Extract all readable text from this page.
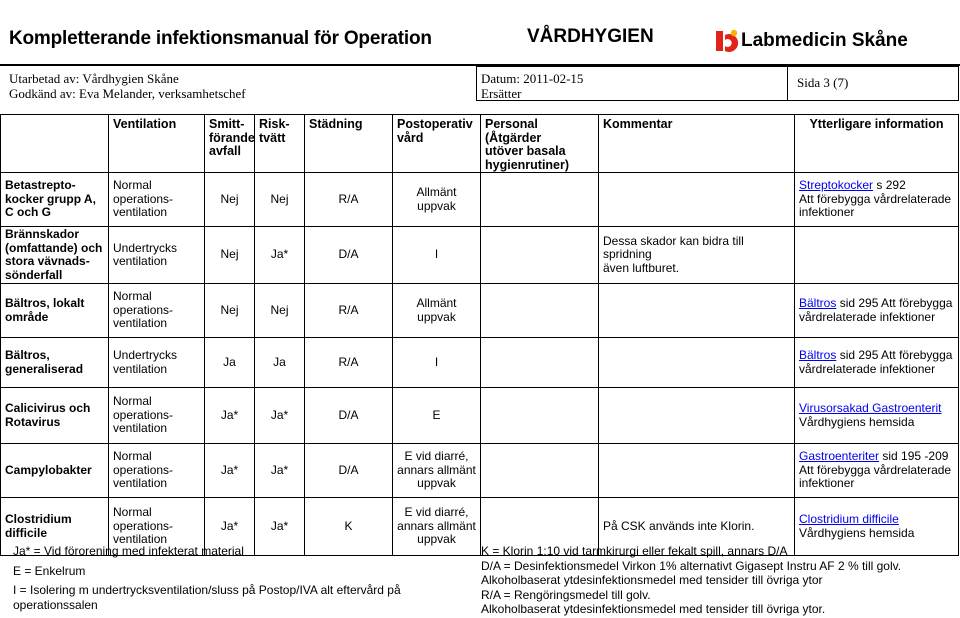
Kompletterande infektionsmanual för Operation	VÅRDHYGIEN	Labmedicin Skåne
Utarbetad av: Vårdhygien Skåne
Godkänd av: Eva Melander, verksamhetschef
Datum: 2011-02-15
Ersätter
Sida 3 (7)
	Ventilation	Smitt-
förande
avfall	Risk-
tvätt	Städning	Postoperativ
vård	Personal (Åtgärder
utöver basala
hygienrutiner)	Kommentar	Ytterligare information
Betastrepto-
kocker grupp A,
C och G	Normal
operations-
ventilation	Nej	Nej	R/A	Allmänt uppvak			Streptokocker s 292
Att förebygga vårdrelaterade
infektioner
Brännskador
(omfattande) och
stora vävnads-
sönderfall	Undertrycks
ventilation	Nej	Ja*	D/A	I		Dessa skador kan bidra till spridning
även luftburet.	
Bältros, lokalt
område	Normal
operations-
ventilation	Nej	Nej	R/A	Allmänt uppvak			Bältros sid 295 Att förebygga
vårdrelaterade infektioner
Bältros,
generaliserad	Undertrycks
ventilation	Ja	Ja	R/A	I			Bältros sid 295 Att förebygga
vårdrelaterade infektioner
Calicivirus och
Rotavirus	Normal
operations-
ventilation	Ja*	Ja*	D/A	E			Virusorsakad Gastroenterit
Vårdhygiens hemsida
Campylobakter	Normal
operations-
ventilation	Ja*	Ja*	D/A	E vid diarré,
annars allmänt
uppvak			Gastroenteriter sid 195 -209
Att förebygga vårdrelaterade
infektioner
Clostridium
difficile	Normal
operations-
ventilation	Ja*	Ja*	K	E vid diarré,
annars allmänt
uppvak		På CSK används inte Klorin.	Clostridium difficile
Vårdhygiens hemsida
Ja* = Vid förorening med infekterat material
E = Enkelrum
I = Isolering m undertrycksventilation/sluss på Postop/IVA alt eftervård på
operationssalen
K = Klorin 1:10 vid tarmkirurgi eller fekalt spill, annars D/A
D/A = Desinfektionsmedel Virkon 1% alternativt Gigasept Instru AF 2 % till golv.
Alkoholbaserat ytdesinfektionsmedel med tensider till övriga ytor
R/A = Rengöringsmedel till golv.
Alkoholbaserat ytdesinfektionsmedel med tensider till övriga ytor.
